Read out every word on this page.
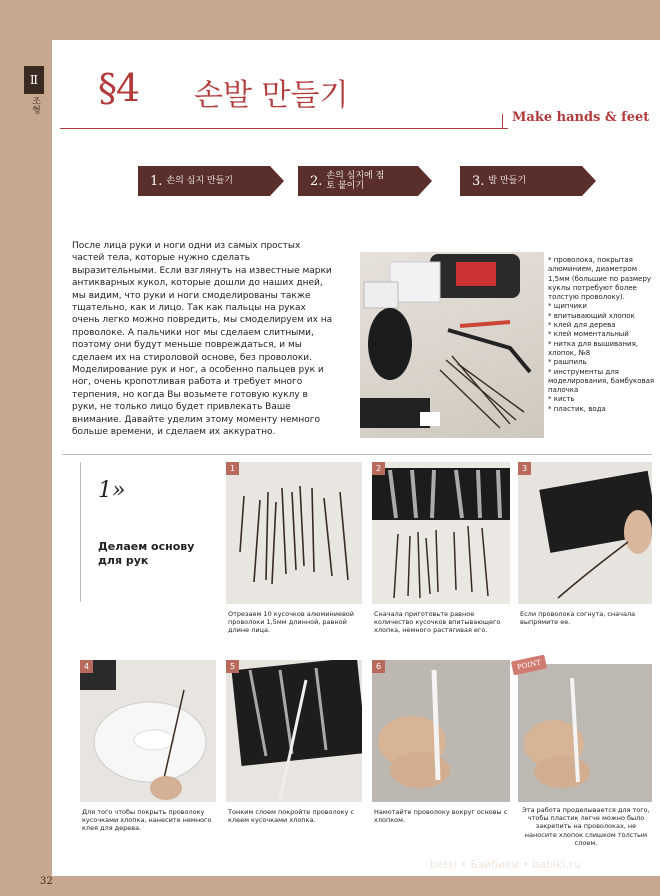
Ⅱ
조형 §4 손발 만들기
Make hands & feet
1. 손의 심지 만들기	2. 손의 심지에 점토 붙이기	3. 발 만들기
После лица руки и ноги одни из самых простых частей тела, которые нужно сделать выразительными. Если взглянуть на известные марки антикварных кукол, которые дошли до наших дней, мы видим, что руки и ноги смоделированы также тщательно, как и лицо. Так как пальцы на руках очень легко можно повредить, мы смоделируем их на проволоке. А пальчики ног мы сделаем слитными, поэтому они будут меньше повреждаться, и мы сделаем их на стироловой основе, без проволоки. Моделирование рук и ног, а особенно пальцев рук и ног, очень кропотливая работа и требует много терпения, но когда Вы возьмете готовую куклу в руки, не только лицо будет привлекать Ваше внимание. Давайте уделим этому моменту немного больше времени, и сделаем их аккуратно.
* проволока, покрытая алюминием, диаметром 1,5мм (большие по размеру куклы потребуют более толстую проволоку).
* щипчики
* впитывающий хлопок
* клей для дерева
* клей моментальный
* нитка для вышивания, хлопок, №8
* рашпиль
* инструменты для моделирования, бамбуковая палочка
* кисть
* пластик, вода
1»
Делаем основу для рук
1	2	3
Отрезаем 10 кусочков алюминиевой проволоки 1,5мм длинной, равной длине лица.
Сначала приготовьте равное количество кусочков впитывающего хлопка, немного растягивая его.
Если проволока согнута, сначала выпрямите ее.
4	5	6	POINT
Для того чтобы покрыть проволоку кусочками хлопка, нанесите немного клея для дерева.
Тонким слоем покройте проволоку с клеем кусочками хлопка.
Намотайте проволоку вокруг основы с хлопком.
Эта работа проделывается для того, чтобы пластик легче можно было закрепить на проволоках, не наносите хлопок слишком толстым слоем.
32
betsi • Бэйбики • babiki.ru
